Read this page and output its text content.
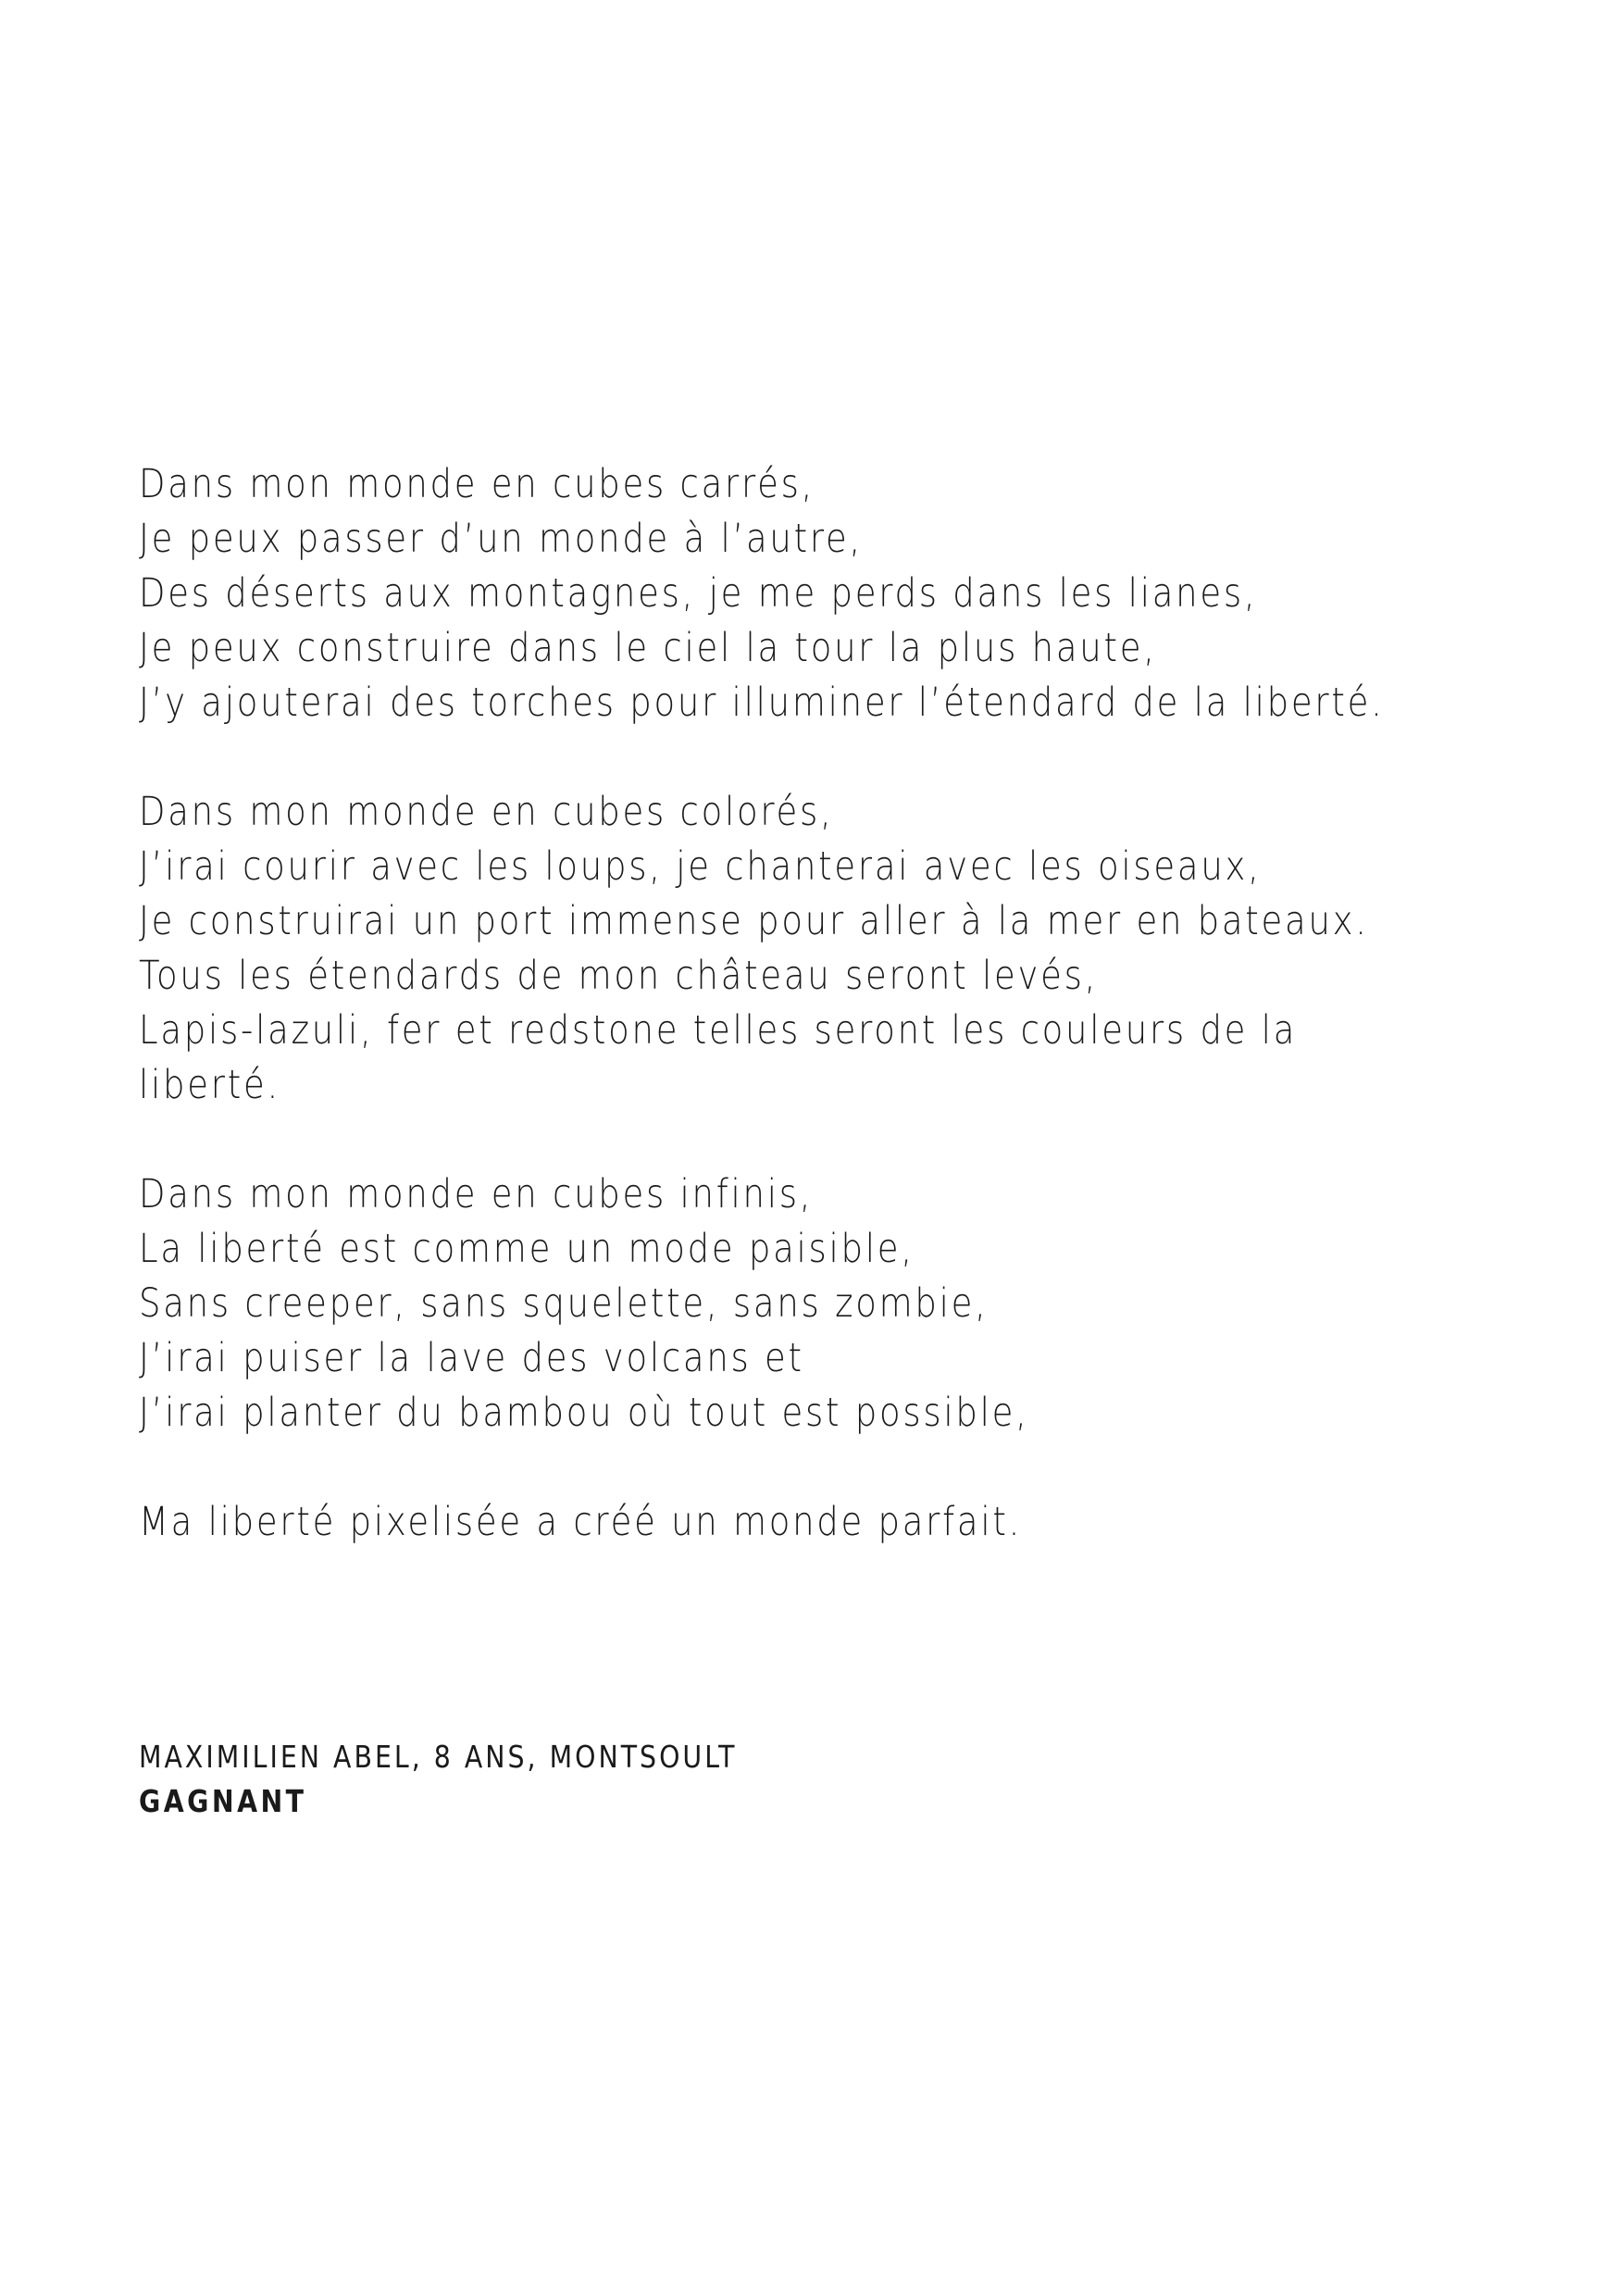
Dans mon monde en cubes carrés,
Je peux passer d’un monde à l’autre,
Des déserts aux montagnes, je me perds dans les lianes,
Je peux construire dans le ciel la tour la plus haute,
J’y ajouterai des torches pour illuminer l’étendard de la liberté.
Dans mon monde en cubes colorés,
J’irai courir avec les loups, je chanterai avec les oiseaux,
Je construirai un port immense pour aller à la mer en bateaux.
Tous les étendards de mon château seront levés,
Lapis-lazuli, fer et redstone telles seront les couleurs de la
liberté.
Dans mon monde en cubes infinis,
La liberté est comme un mode paisible,
Sans creeper, sans squelette, sans zombie,
J’irai puiser la lave des volcans et
J’irai planter du bambou où tout est possible,
Ma liberté pixelisée a créé un monde parfait.
MAXIMILIEN ABEL, 8 ANS, MONTSOULT
GAGNANT
